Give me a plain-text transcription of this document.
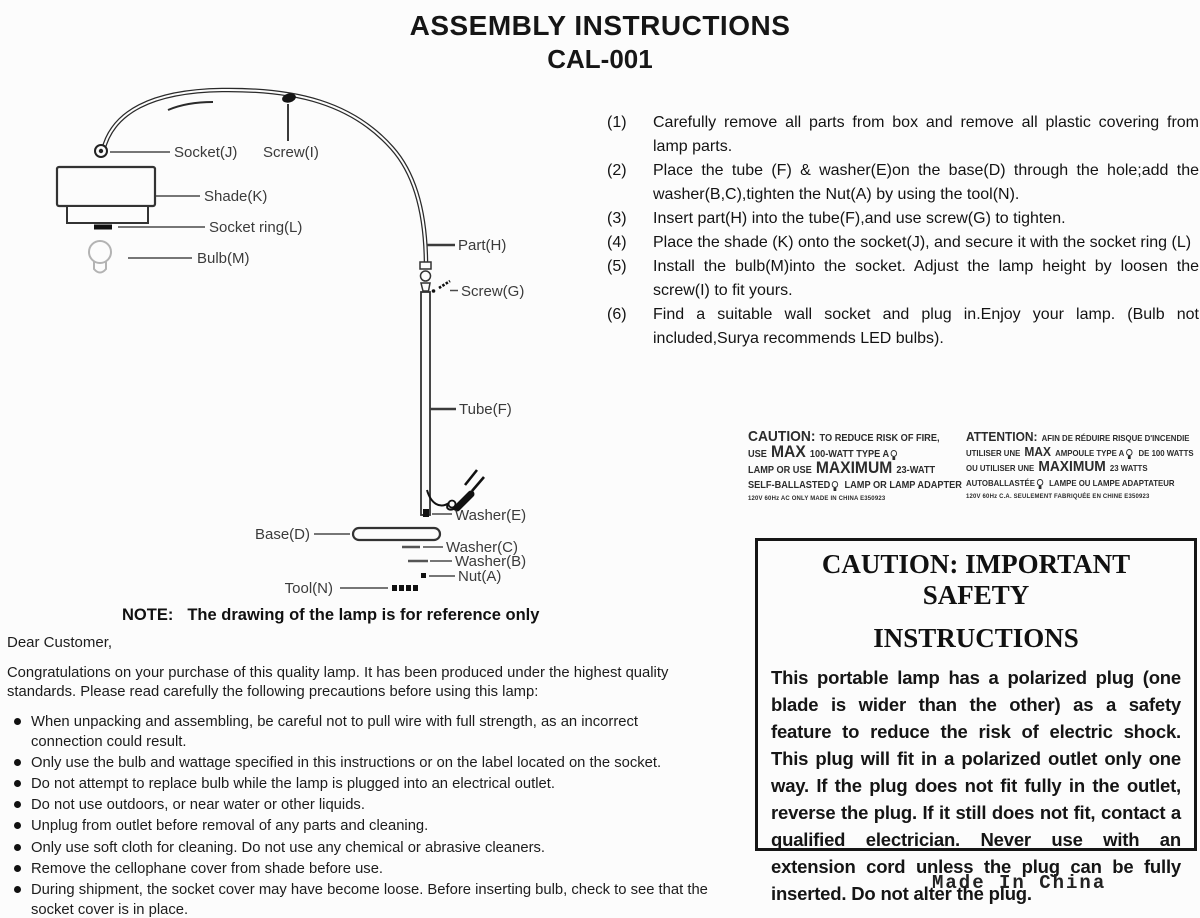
ASSEMBLY INSTRUCTIONS
CAL-001
Socket(J) Screw(I)
Shade(K)
Socket ring(L)
Bulb(M)
Part(H)
Screw(G)
Tube(F)
Washer(E)
Base(D)
Washer(C)
Washer(B)
Nut(A)
Tool(N)
(1)	Carefully remove all parts from box and remove all plastic covering from lamp parts.
(2)	Place the tube (F) & washer(E)on the base(D) through the hole;add the washer(B,C),tighten the Nut(A) by using the tool(N).
(3)	Insert part(H) into the tube(F),and use screw(G) to tighten.
(4)	Place the shade (K) onto the socket(J), and secure it with the socket ring (L)
(5)	Install the bulb(M)into the socket. Adjust the lamp height by loosen the screw(I) to fit yours.
(6)	Find a suitable wall socket and plug in.Enjoy your lamp. (Bulb not included,Surya recommends LED bulbs).
CAUTION: TO REDUCE RISK OF FIRE,
USE MAX 100-WATT TYPE A
LAMP OR USE MAXIMUM 23-WATT
SELF-BALLASTED LAMP OR LAMP ADAPTER
120V 60Hz AC ONLY MADE IN CHINA E350923
ATTENTION: AFIN DE RÉDUIRE RISQUE D'INCENDIE
UTILISER UNE MAX AMPOULE TYPE A DE 100 WATTS
OU UTILISER UNE MAXIMUM 23 WATTS
AUTOBALLASTÉE LAMPE OU LAMPE ADAPTATEUR
120V 60Hz C.A. SEULEMENT FABRIQUÉE EN CHINE E350923
CAUTION: IMPORTANT SAFETY
INSTRUCTIONS
This portable lamp has a polarized plug (one blade is wider than the other) as a safety feature to reduce the risk of electric shock. This plug will fit in a polarized outlet only one way. If the plug does not fit fully in the outlet, reverse the plug. If it still does not fit, contact a qualified electrician. Never use with an extension cord unless the plug can be fully inserted. Do not alter the plug.
NOTE: The drawing of the lamp is for reference only
Dear Customer,
Congratulations on your purchase of this quality lamp. It has been produced under the highest quality standards. Please read carefully the following precautions before using this lamp:
When unpacking and assembling, be careful not to pull wire with full strength, as an incorrect connection could result.
Only use the bulb and wattage specified in this instructions or on the label located on the socket.
Do not attempt to replace bulb while the lamp is plugged into an electrical outlet.
Do not use outdoors, or near water or other liquids.
Unplug from outlet before removal of any parts and cleaning.
Only use soft cloth for cleaning. Do not use any chemical or abrasive cleaners.
Remove the cellophane cover from shade before use.
During shipment, the socket cover may have become loose. Before inserting bulb, check to see that the socket cover is in place.
Made In China
